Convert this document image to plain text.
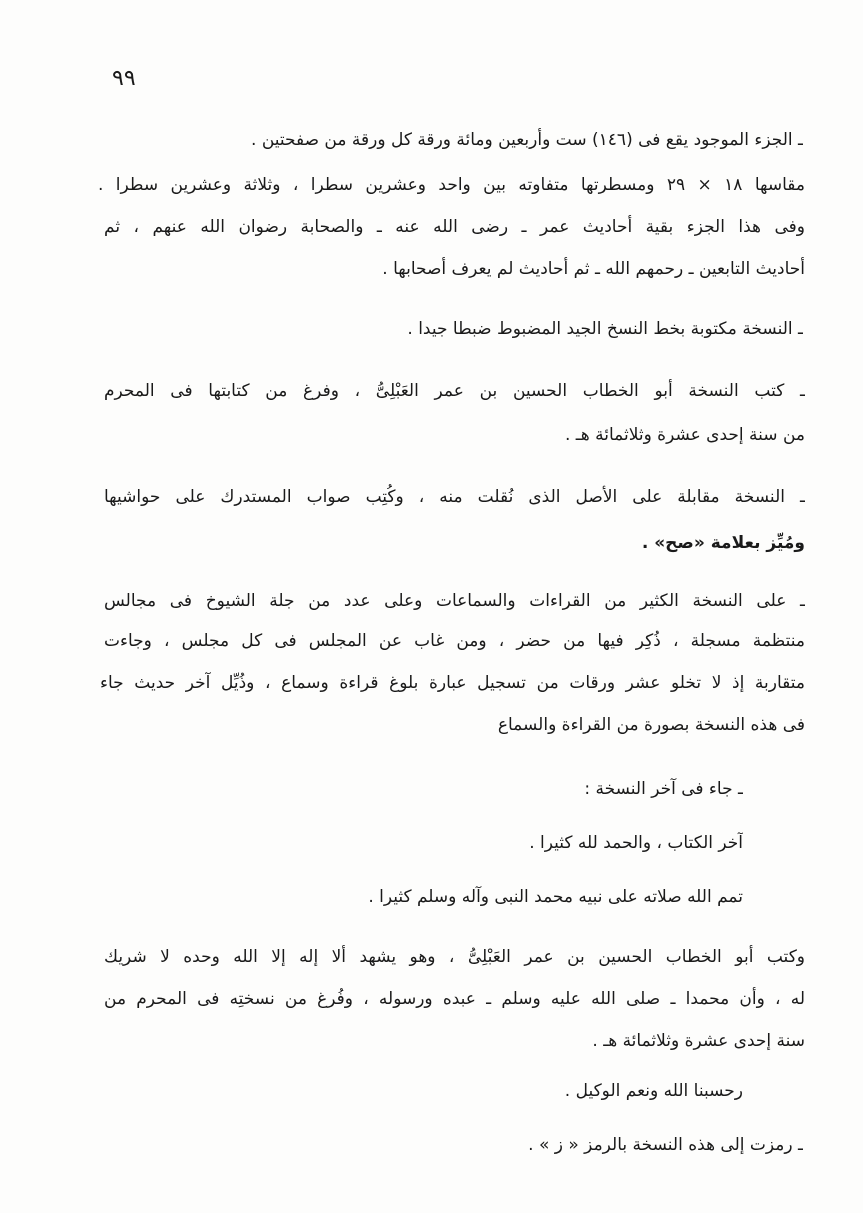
٩٩
ـ الجزء الموجود يقع فى (١٤٦) ست وأربعين ومائة ورقة كل ورقة من صفحتين .
مقاسها ١٨ × ٢٩ ومسطرتها متفاوته بين واحد وعشرين سطرا ، وثلاثة وعشرين سطرا .
وفى هذا الجزء بقية أحاديث عمر ـ رضى الله عنه ـ والصحابة رضوان الله عنهم ، ثم
أحاديث التابعين ـ رحمهم الله ـ ثم أحاديث لم يعرف أصحابها .
ـ النسخة مكتوبة بخط النسخ الجيد المضبوط ضبطا جيدا .
ـ كتب النسخة أبو الخطاب الحسين بن عمر العَبْلِىُّ ، وفرغ من كتابتها فى المحرم
من سنة إحدى عشرة وثلاثمائة هـ .
ـ النسخة مقابلة على الأصل الذى نُقلت منه ، وكُتِب صواب المستدرك على حواشيها
ومُيِّز بعلامة «صح» .
ـ على النسخة الكثير من القراءات والسماعات وعلى عدد من جلة الشيوخ فى مجالس
منتظمة مسجلة ، ذُكِر فيها من حضر ، ومن غاب عن المجلس فى كل مجلس ، وجاءت
متقاربة إذ لا تخلو عشر ورقات من تسجيل عبارة بلوغ قراءة وسماع ، وذُيِّل آخر حديث جاء
فى هذه النسخة بصورة من القراءة والسماع
ـ جاء فى آخر النسخة :
آخر الكتاب ، والحمد لله كثيرا .
تمم الله صلاته على نبيه محمد النبى وآله وسلم كثيرا .
وكتب أبو الخطاب الحسين بن عمر العَبْلِىُّ ، وهو يشهد ألا إله إلا الله وحده لا شريك
له ، وأن محمدا ـ صلى الله عليه وسلم ـ عبده ورسوله ، وفُرغ من نسختِه فى المحرم من
سنة إحدى عشرة وثلاثمائة هـ .
رحسبنا الله ونعم الوكيل .
ـ رمزت إلى هذه النسخة بالرمز « ز » .
